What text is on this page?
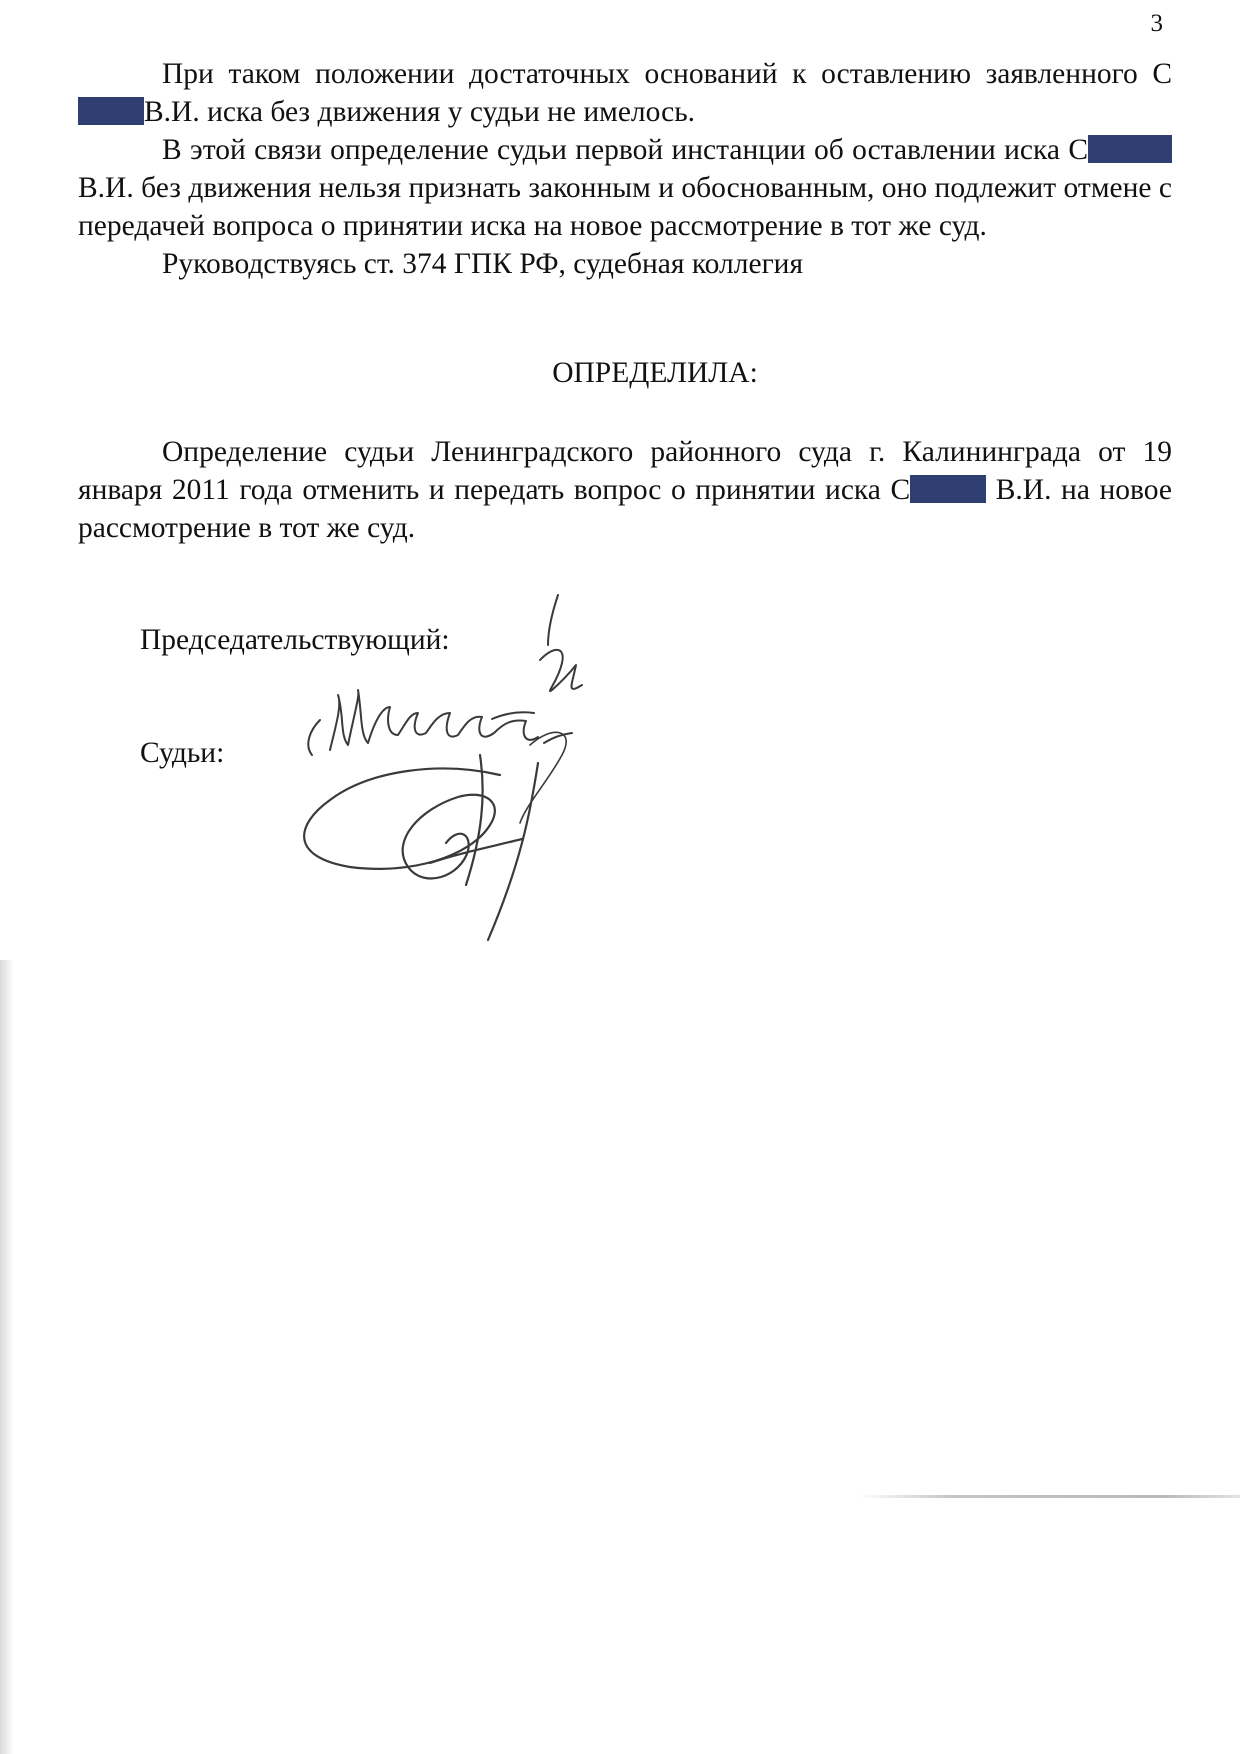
3

При таком положении достаточных оснований к оставлению заявленного СВ.И. иска без движения у судьи не имелось.

В этой связи определение судьи первой инстанции об оставлении иска СВ.И. без движения нельзя признать законным и обоснованным, оно подлежит отмене с передачей вопроса о принятии иска на новое рассмотрение в тот же суд.

Руководствуясь ст. 374 ГПК РФ, судебная коллегия

ОПРЕДЕЛИЛА:

Определение судьи Ленинградского районного суда г. Калининграда от 19 января 2011 года отменить и передать вопрос о принятии иска С	В.И. на новое рассмотрение в тот же суд.

Председательствующий:
Судьи:
